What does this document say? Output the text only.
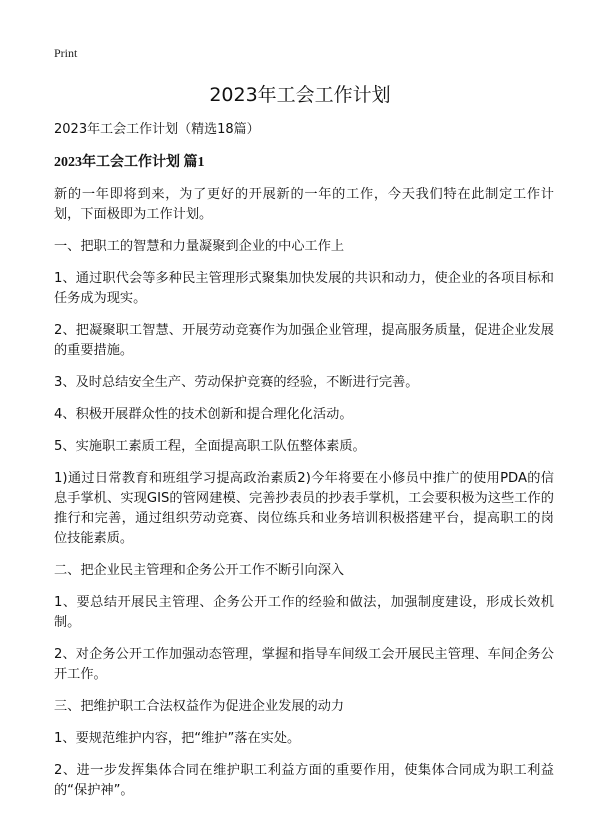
Print
2023年工会工作计划

2023年工会工作计划（精选18篇）

2023年工会工作计划 篇1

新的一年即将到来，为了更好的开展新的一年的工作，今天我们特在此制定工作计划，下面极即为工作计划。

一、把职工的智慧和力量凝聚到企业的中心工作上

1、通过职代会等多种民主管理形式聚集加快发展的共识和动力，使企业的各项目标和任务成为现实。

2、把凝聚职工智慧、开展劳动竞赛作为加强企业管理，提高服务质量，促进企业发展的重要措施。

3、及时总结安全生产、劳动保护竞赛的经验，不断进行完善。

4、积极开展群众性的技术创新和提合理化化活动。

5、实施职工素质工程，全面提高职工队伍整体素质。

1)通过日常教育和班组学习提高政治素质2)今年将要在小修员中推广的使用PDA的信息手掌机、实现GIS的管网建模、完善抄表员的抄表手掌机，工会要积极为这些工作的推行和完善，通过组织劳动竞赛、岗位练兵和业务培训积极搭建平台，提高职工的岗位技能素质。

二、把企业民主管理和企务公开工作不断引向深入

1、要总结开展民主管理、企务公开工作的经验和做法，加强制度建设，形成长效机制。

2、对企务公开工作加强动态管理，掌握和指导车间级工会开展民主管理、车间企务公开工作。

三、把维护职工合法权益作为促进企业发展的动力

1、要规范维护内容，把“维护”落在实处。

2、进一步发挥集体合同在维护职工利益方面的重要作用，使集体合同成为职工利益的“保护神”。
